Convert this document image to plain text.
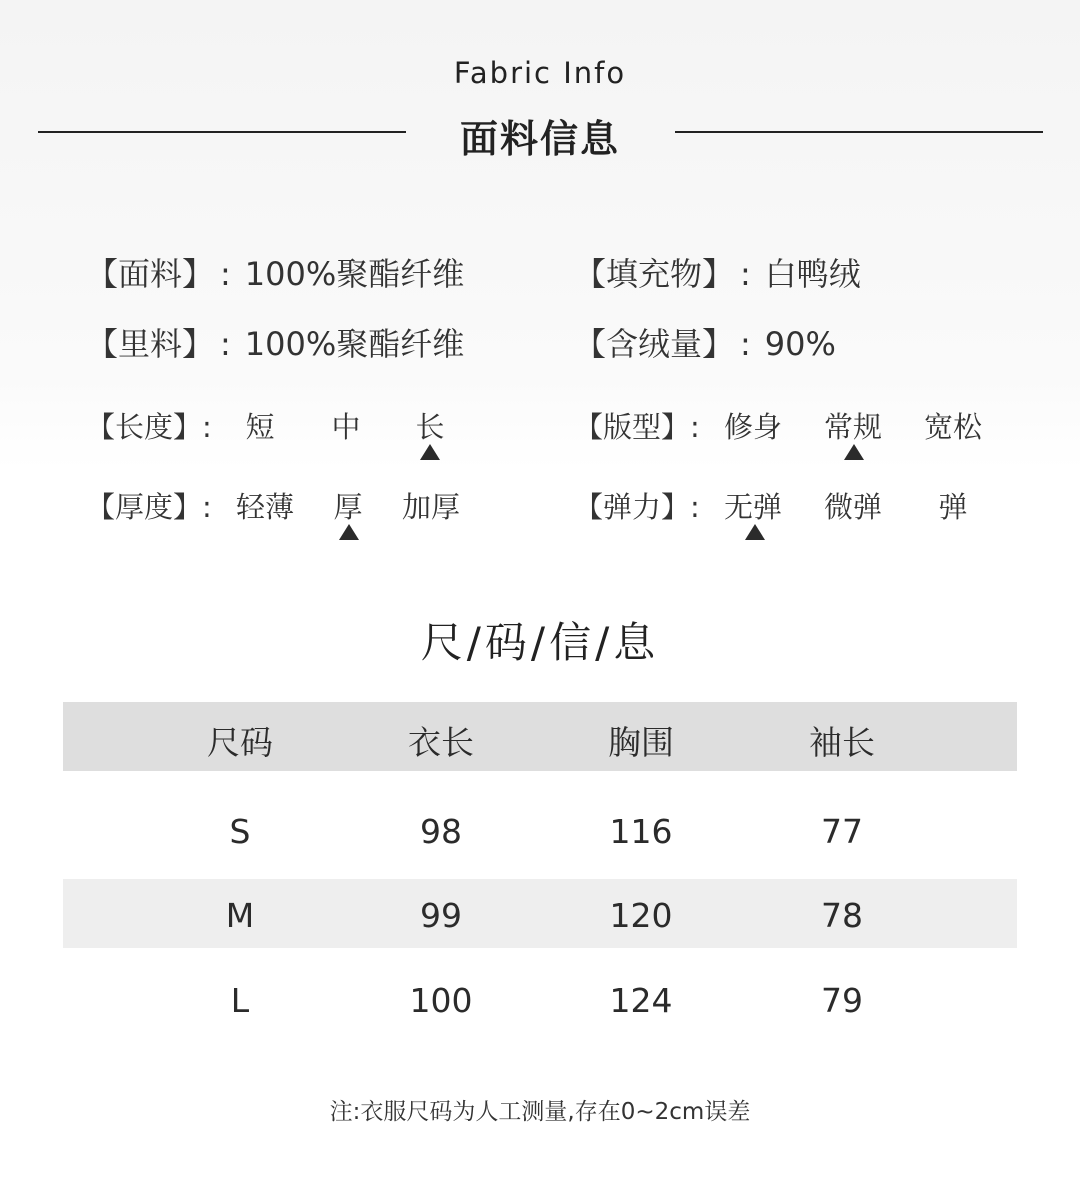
Fabric Info
面料信息
【面料】 : 100%聚酯纤维
【里料】 : 100%聚酯纤维
【填充物】 : 白鸭绒
【含绒量】 : 90%
【长度】:	短	中	长	【版型】: 修身	常规	宽松
【厚度】: 轻薄	厚	加厚	【弹力】: 无弹	微弹	弹
尺/码/信/息
尺码	衣长	胸围	袖长
S	98	116	77
M	99	120	78
L	100	124	79
注:衣服尺码为人工测量,存在0~2cm误差
